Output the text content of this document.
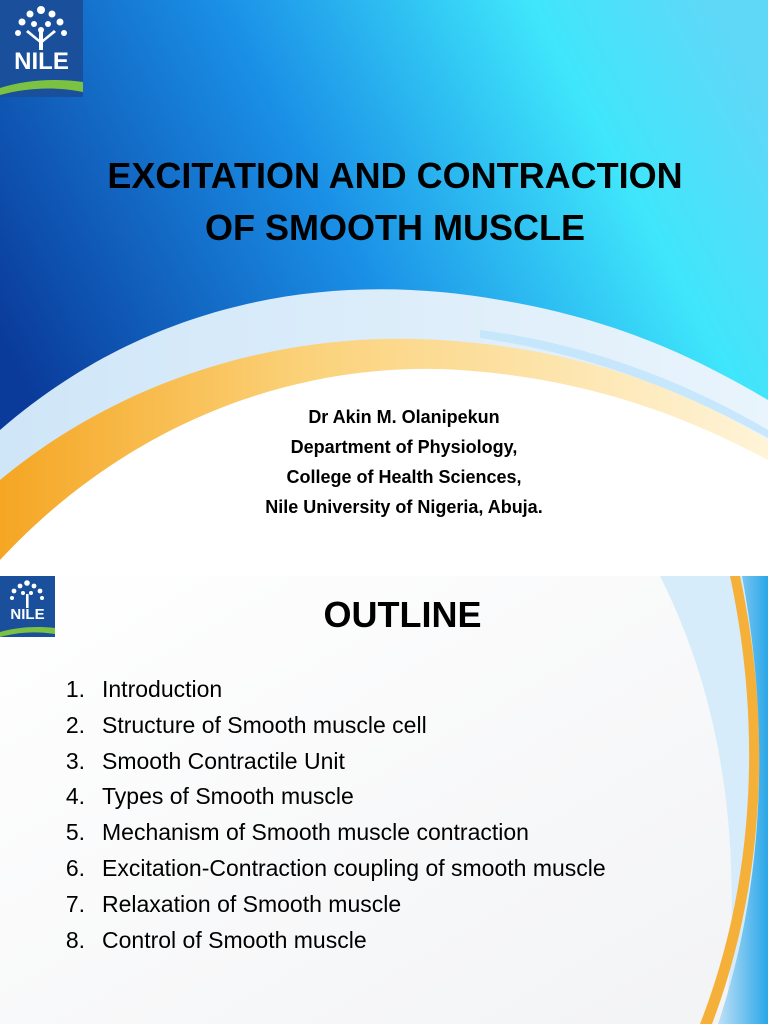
NILE
EXCITATION AND CONTRACTION
OF SMOOTH MUSCLE
Dr Akin M. Olanipekun
Department of Physiology,
College of Health Sciences,
Nile University of Nigeria, Abuja.
NILE	OUTLINE
1. Introduction
2. Structure of Smooth muscle cell
3. Smooth Contractile Unit
4. Types of Smooth muscle
5. Mechanism of Smooth muscle contraction
6. Excitation-Contraction coupling of smooth muscle
7. Relaxation of Smooth muscle
8. Control of Smooth muscle
